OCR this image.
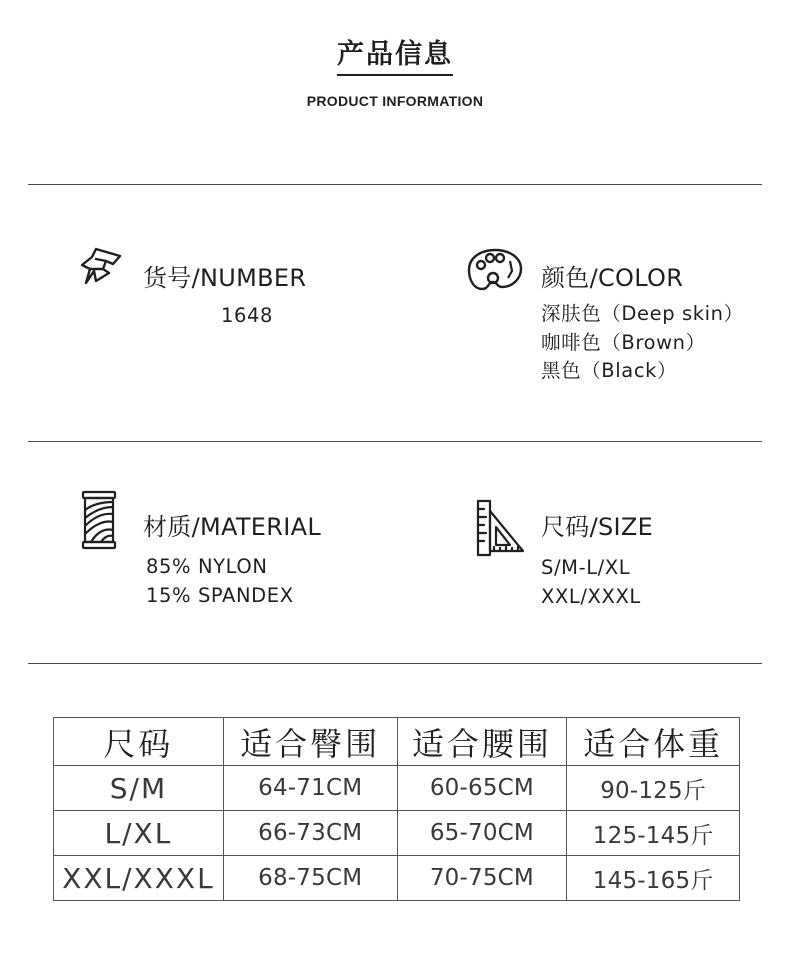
产品信息
PRODUCT INFORMATION
货号/NUMBER
1648
颜色/COLOR
深肤色（Deep skin）
咖啡色（Brown）
黑色（Black）
材质/MATERIAL
85% NYLON
15% SPANDEX
尺码/SIZE
S/M-L/XL
XXL/XXXL
尺码	适合臀围	适合腰围	适合体重
S/M	64-71CM	60-65CM	90-125斤
L/XL	66-73CM	65-70CM	125-145斤
XXL/XXXL	68-75CM	70-75CM	145-165斤
